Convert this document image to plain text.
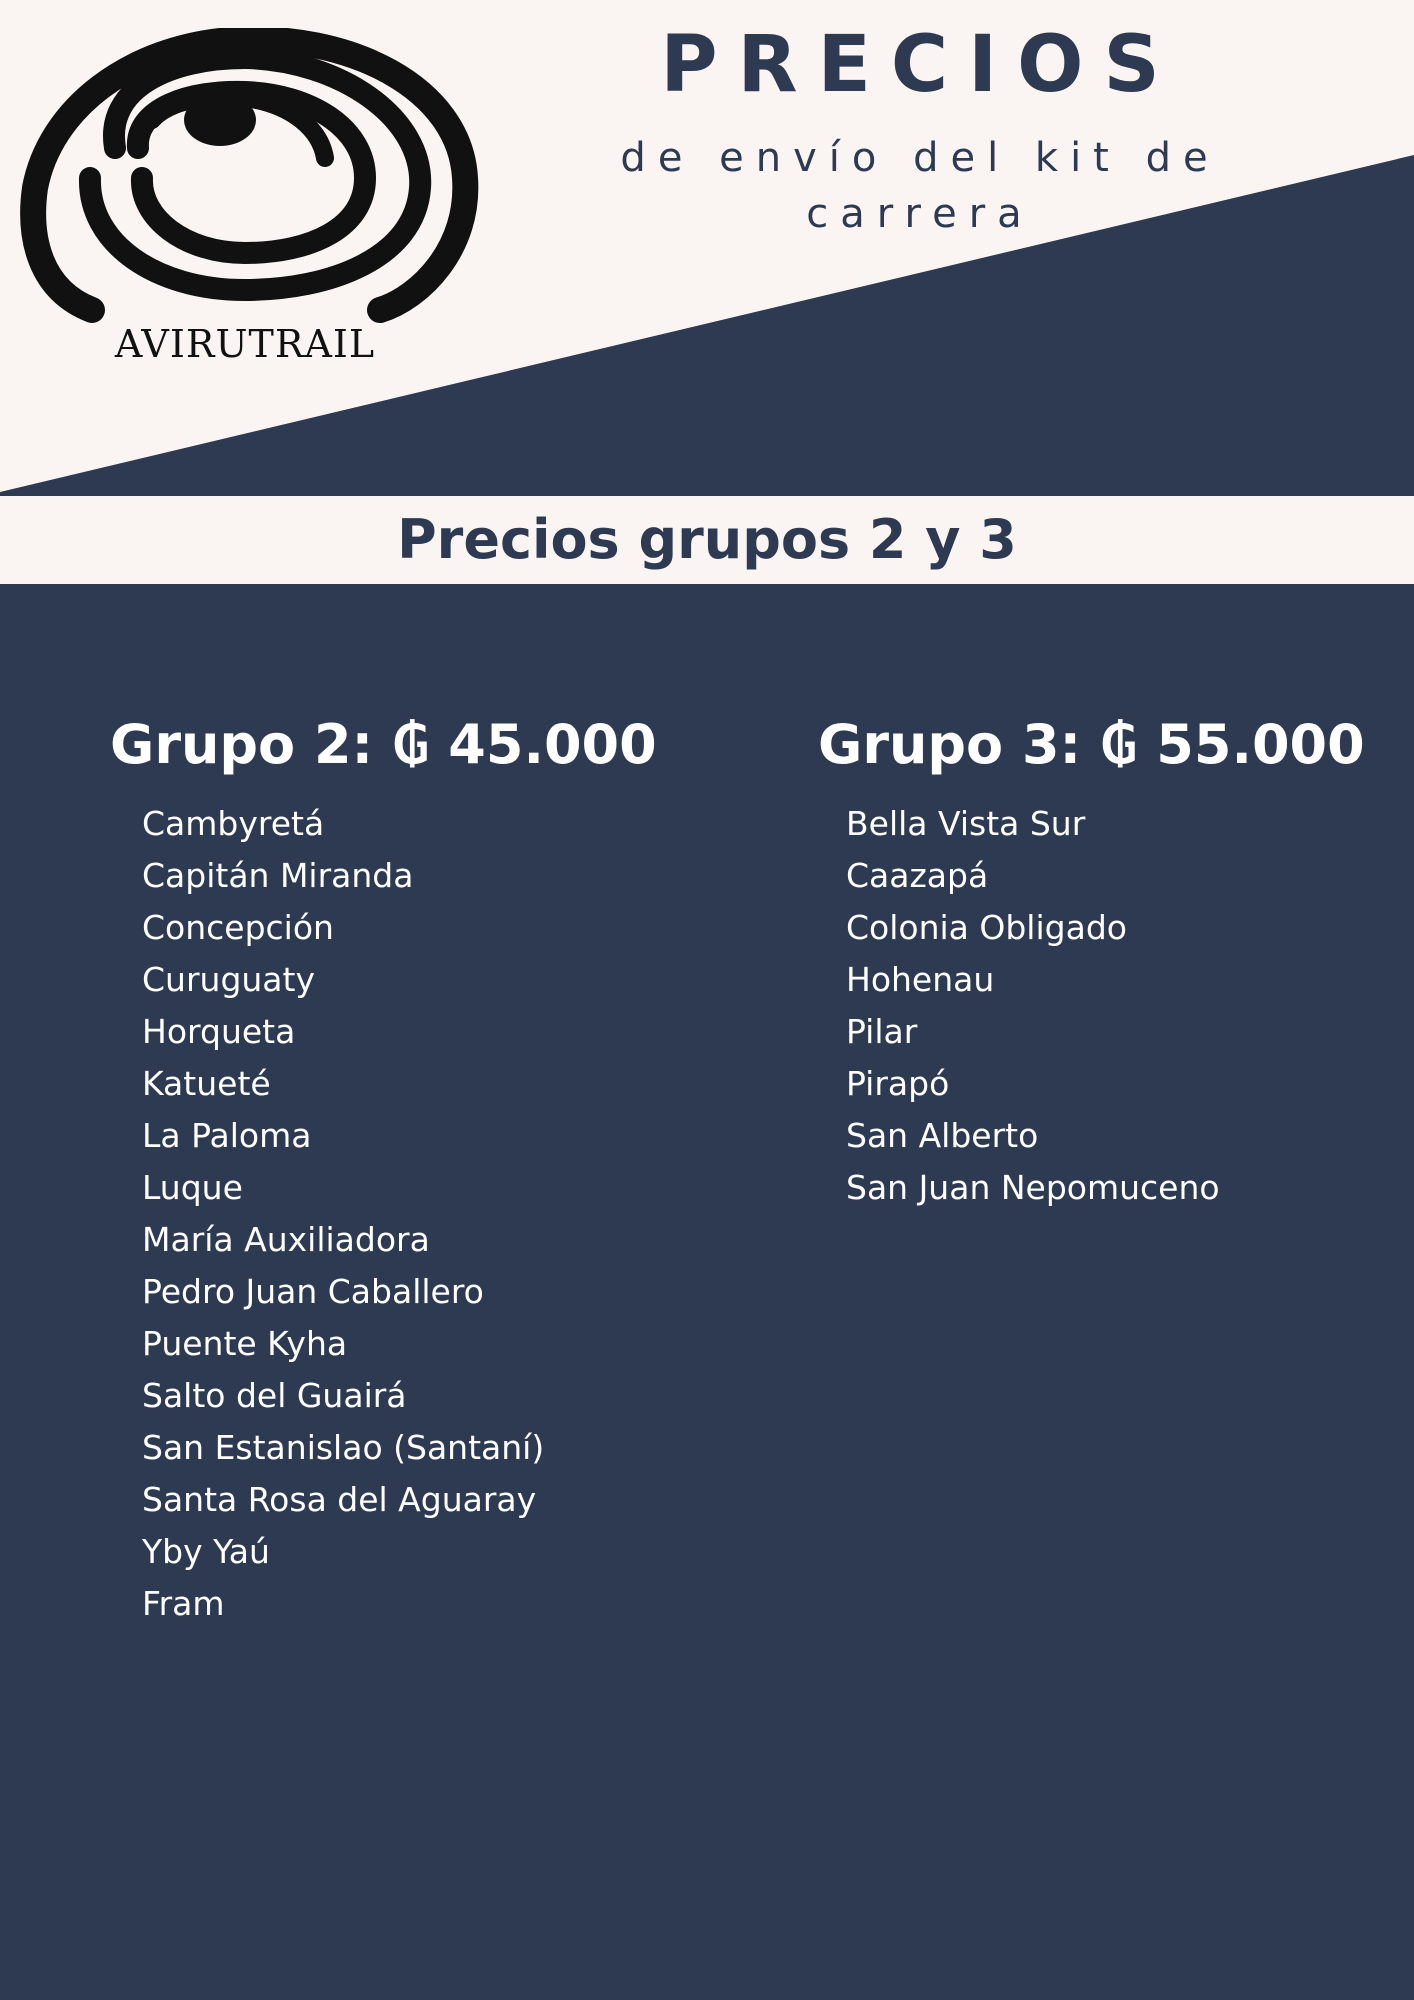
AVIRUTRAIL
PRECIOS
de envío del kit de carrera
Precios grupos 2 y 3
Grupo 2: ₲ 45.000
Cambyretá
Capitán Miranda
Concepción
Curuguaty
Horqueta
Katueté
La Paloma
Luque
María Auxiliadora
Pedro Juan Caballero
Puente Kyha
Salto del Guairá
San Estanislao (Santaní)
Santa Rosa del Aguaray
Yby Yaú
Fram
Grupo 3: ₲ 55.000
Bella Vista Sur
Caazapá
Colonia Obligado
Hohenau
Pilar
Pirapó
San Alberto
San Juan Nepomuceno
